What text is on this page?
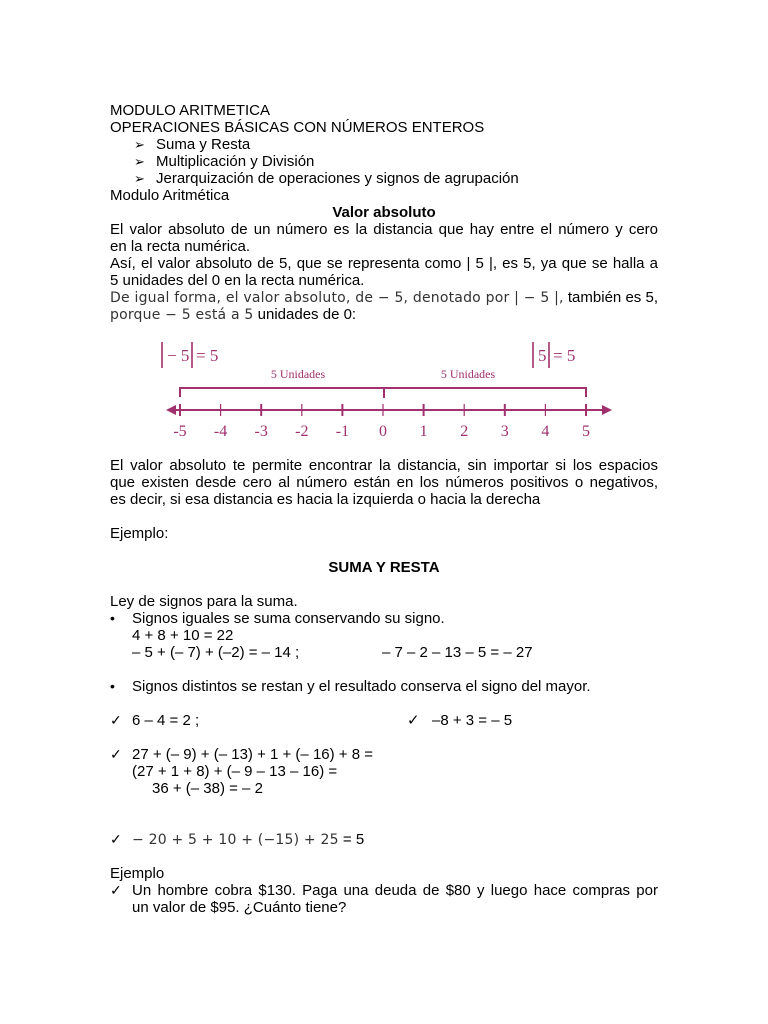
MODULO ARITMETICA
OPERACIONES BÁSICAS CON NÚMEROS ENTEROS
➢ Suma y Resta
➢ Multiplicación y División
➢ Jerarquización de operaciones y signos de agrupación
Modulo Aritmética
Valor absoluto
El valor absoluto de un número es la distancia que hay entre el número y cero
en la recta numérica.
Así, el valor absoluto de 5, que se representa como | 5 |, es 5, ya que se halla a
5 unidades del 0 en la recta numérica.
De igual forma, el valor absoluto, de − 5, denotado por | − 5 |, también es 5,
porque − 5 está a 5 unidades de 0:
− 5 = 5	5 = 5
5 Unidades	5 Unidades
-5 -4 -3 -2 -1 0 1 2 3 4 5
El valor absoluto te permite encontrar la distancia, sin importar si los espacios
que existen desde cero al número están en los números positivos o negativos,
es decir, si esa distancia es hacia la izquierda o hacia la derecha
Ejemplo:
SUMA Y RESTA
Ley de signos para la suma.
• Signos iguales se suma conservando su signo.
4 + 8 + 10 = 22
– 5 + (– 7) + (–2) = – 14 ;	– 7 – 2 – 13 – 5 = – 27
• Signos distintos se restan y el resultado conserva el signo del mayor.
✓ 6 – 4 = 2 ;	✓ –8 + 3 = – 5
✓ 27 + (– 9) + (– 13) + 1 + (– 16) + 8 =
(27 + 1 + 8) + (– 9 – 13 – 16) =
36 + (– 38) = – 2
✓ − 20 + 5 + 10 + (−15) + 25 = 5
Ejemplo
✓ Un hombre cobra $130. Paga una deuda de $80 y luego hace compras por
un valor de $95. ¿Cuánto tiene?
